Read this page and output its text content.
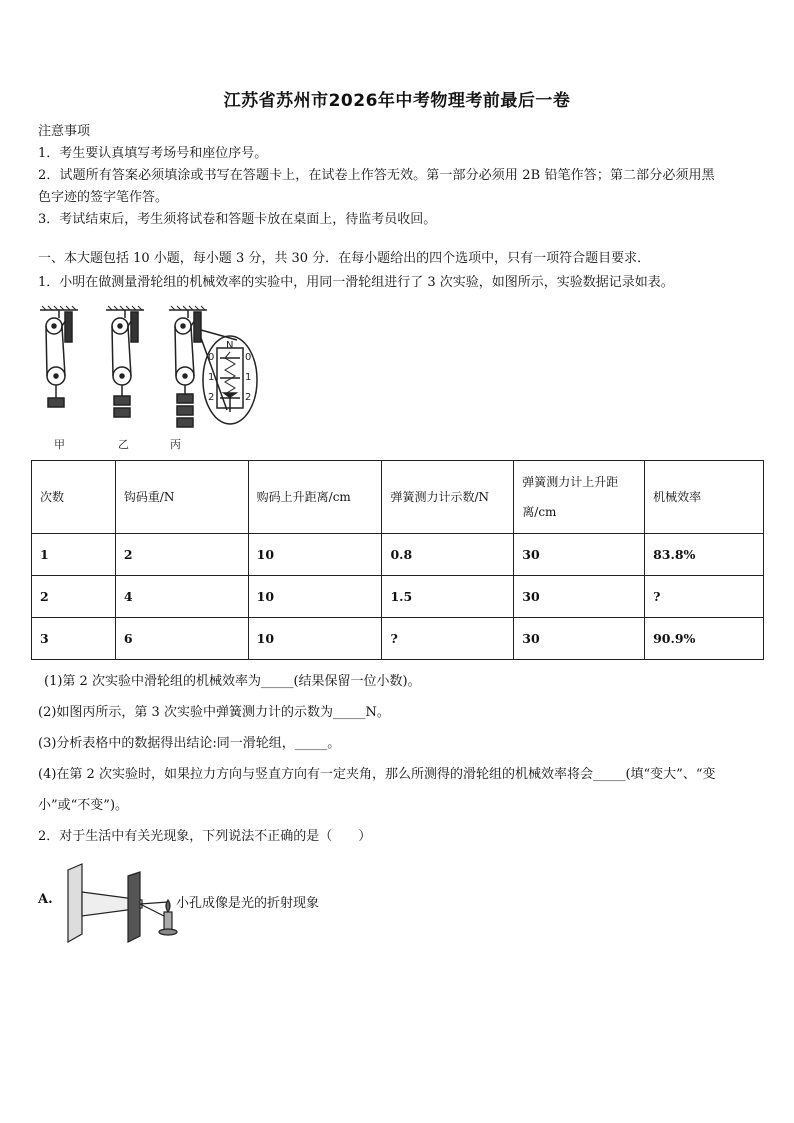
江苏省苏州市2026年中考物理考前最后一卷
注意事项
1．考生要认真填写考场号和座位序号。
2．试题所有答案必须填涂或书写在答题卡上，在试卷上作答无效。第一部分必须用 2B 铅笔作答；第二部分必须用黑
色字迹的签字笔作答。
3．考试结束后，考生须将试卷和答题卡放在桌面上，待监考员收回。
一、本大题包括 10 小题，每小题 3 分，共 30 分．在每小题给出的四个选项中，只有一项符合题目要求．
1．小明在做测量滑轮组的机械效率的实验中，用同一滑轮组进行了 3 次实验，如图所示，实验数据记录如表。
N
0
1
2
0
1
2
甲	乙	丙
次数	钩码重/N	购码上升距离/cm	弹簧测力计示数/N	弹簧测力计上升距离/cm	机械效率
1	2	10	0.8	30	83.8%
2	4	10	1.5	30	?
3	6	10	?	30	90.9%
(1)第 2 次实验中滑轮组的机械效率为_____(结果保留一位小数)。
(2)如图丙所示，第 3 次实验中弹簧测力计的示数为_____N。
(3)分析表格中的数据得出结论:同一滑轮组，_____。
(4)在第 2 次实验时，如果拉力方向与竖直方向有一定夹角，那么所测得的滑轮组的机械效率将会_____(填“变大”、“变
小”或“不变”)。
2．对于生活中有关光现象，下列说法不正确的是（　　）
A.	小孔成像是光的折射现象
